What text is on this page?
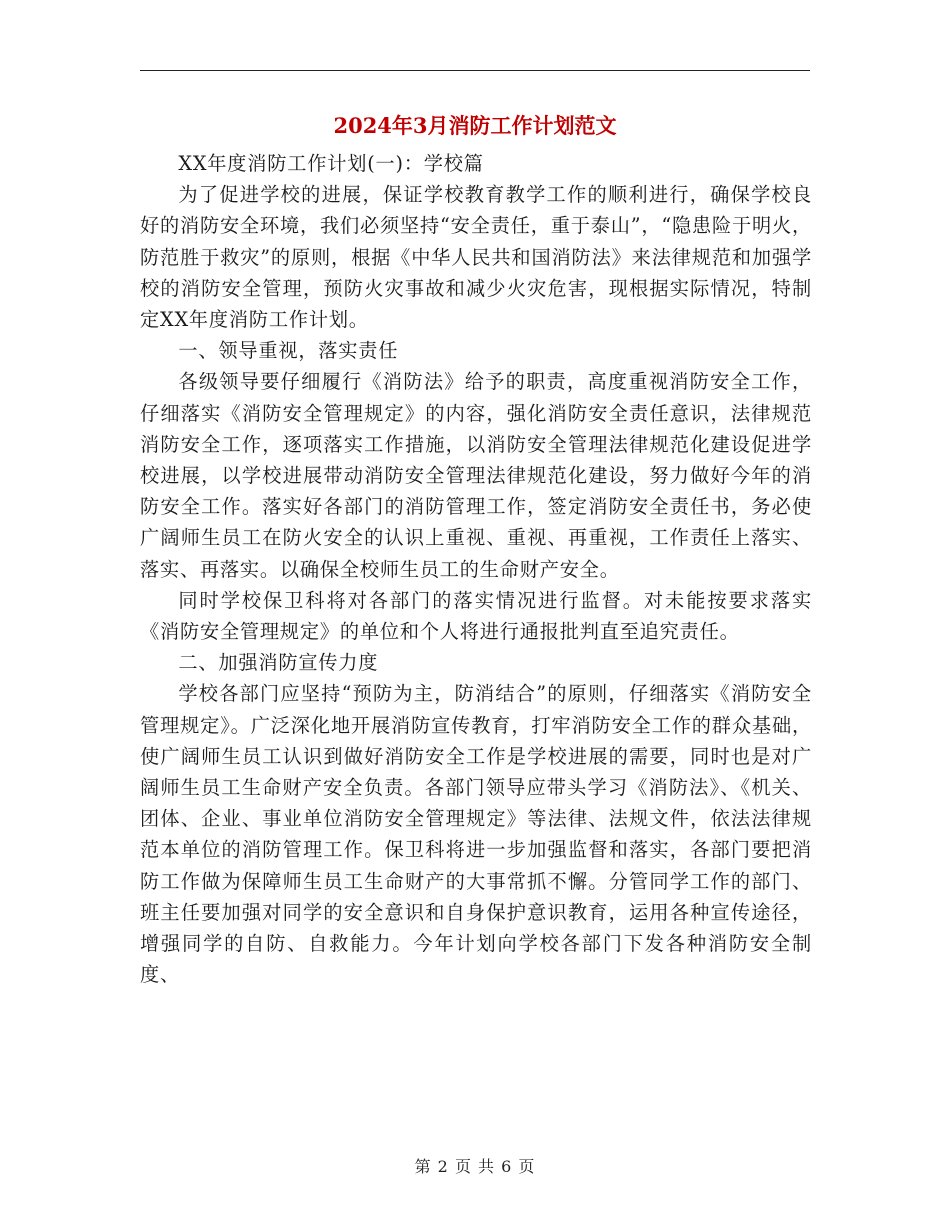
2024年3月消防工作计划范文

XX年度消防工作计划(一)：学校篇

为了促进学校的进展，保证学校教育教学工作的顺利进行，确保学校良好的消防安全环境，我们必须坚持“安全责任，重于泰山”，“隐患险于明火，防范胜于救灾”的原则，根据《中华人民共和国消防法》来法律规范和加强学校的消防安全管理，预防火灾事故和减少火灾危害，现根据实际情况，特制定XX年度消防工作计划。

一、领导重视，落实责任

各级领导要仔细履行《消防法》给予的职责，高度重视消防安全工作，仔细落实《消防安全管理规定》的内容，强化消防安全责任意识，法律规范消防安全工作，逐项落实工作措施，以消防安全管理法律规范化建设促进学校进展，以学校进展带动消防安全管理法律规范化建设，努力做好今年的消防安全工作。落实好各部门的消防管理工作，签定消防安全责任书，务必使广阔师生员工在防火安全的认识上重视、重视、再重视，工作责任上落实、落实、再落实。以确保全校师生员工的生命财产安全。

同时学校保卫科将对各部门的落实情况进行监督。对未能按要求落实《消防安全管理规定》的单位和个人将进行通报批判直至追究责任。

二、加强消防宣传力度

学校各部门应坚持“预防为主，防消结合”的原则，仔细落实《消防安全管理规定》。广泛深化地开展消防宣传教育，打牢消防安全工作的群众基础，使广阔师生员工认识到做好消防安全工作是学校进展的需要，同时也是对广阔师生员工生命财产安全负责。各部门领导应带头学习《消防法》、《机关、团体、企业、事业单位消防安全管理规定》等法律、法规文件，依法法律规范本单位的消防管理工作。保卫科将进一步加强监督和落实，各部门要把消防工作做为保障师生员工生命财产的大事常抓不懈。分管同学工作的部门、班主任要加强对同学的安全意识和自身保护意识教育，运用各种宣传途径，增强同学的自防、自救能力。今年计划向学校各部门下发各种消防安全制度、

第 2 页 共 6 页
